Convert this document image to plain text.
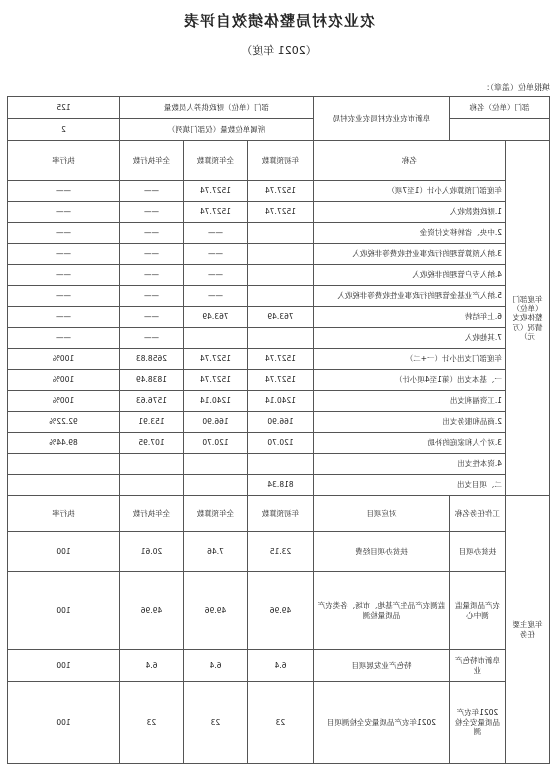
农业农村局整体绩效自评表
（2021 年度）
填报单位（盖章）：
部门（单位）名称		阜新市农业农村局农业农村局	部门（单位）财政供养人员数量			125
			所属单位数量（仅部门填列）			2
年度部门（单位）整体收支情况（万元）	名称		年初预算数	全年预算数	全年执行数	执行率
	年度部门预算收入小计（1至7项）		1527.74	1527.74	——	——
	1.财政拨款收入		1527.74	1527.74	——	——
	2.中央、省转移支付资金			——	——	——
	3.纳入预算管理的行政事业性收费等非税收入			——	——	——
	4.纳入专户管理的非税收入			——	——	——
	5.纳入产业基金管理的行政事业性收费等非税收入			——	——	——
	6.上年结转		763.49	763.49	——	——
	7.其他收入				——	——
	年度部门支出小计（一+二）		1527.74	1527.74	2658.83	100%
	一、基本支出（第1至4项小计）		1527.74	1527.74	1838.49	100%
	1.工资福利支出		1240.14	1240.14	1576.63	100%
	2.商品和服务支出		166.90	166.90	153.91	92.22%
	3.对个人和家庭的补助		120.70	120.70	107.95	89.44%
	4.资本性支出					
	二、项目支出		818.34			
年度主要任务	工作任务名称	对应项目	年初预算数	全年预算数	全年执行数	执行率
	扶贫办项目	扶贫办项目经费	23.15	7.46	20.61	100
	农产品质量监测中心	监测农产品生产基地、市场、各类农产品质量检测	49.96	49.96	49.96	100
	阜新市特色产业	特色产业发展项目	6.4	6.4	6.4	100
	2021年农产品质量安全检测	2021年农产品质量安全检测项目	23	23	23	100
